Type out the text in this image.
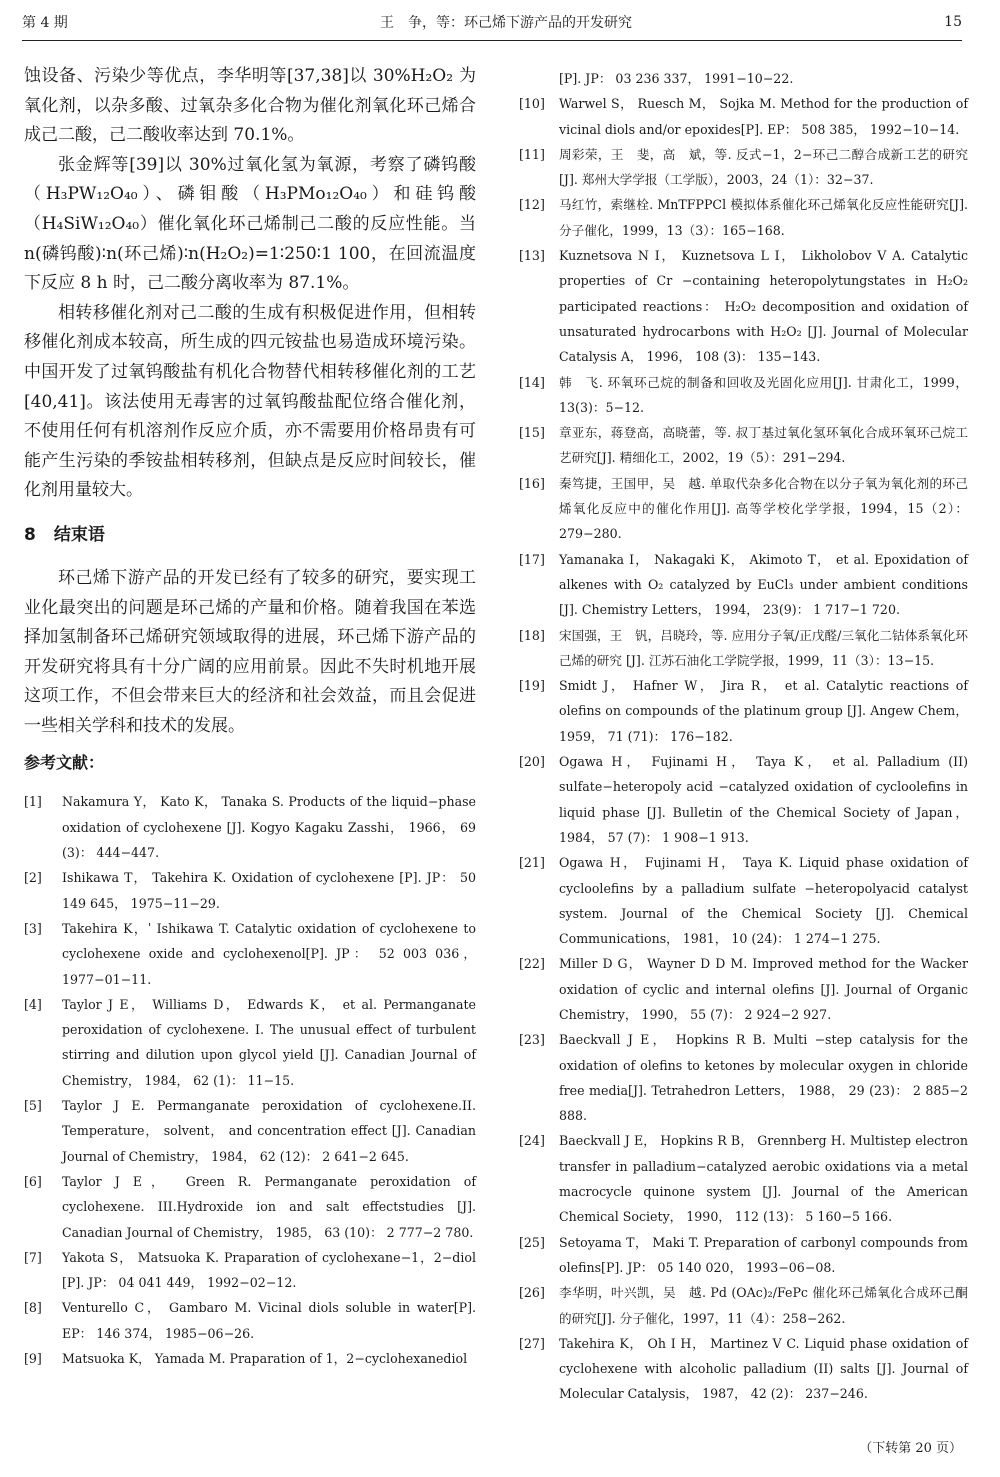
第 4 期	王　争，等：环己烯下游产品的开发研究	15

蚀设备、污染少等优点，李华明等[37,38]以 30%H₂O₂ 为氧化剂，以杂多酸、过氧杂多化合物为催化剂氧化环己烯合成己二酸，己二酸收率达到 70.1%。

张金辉等[39]以 30%过氧化氢为氧源，考察了磷钨酸（H₃PW₁₂O₄₀）、磷钼酸（H₃PMo₁₂O₄₀）和硅钨酸（H₄SiW₁₂O₄₀）催化氧化环己烯制己二酸的反应性能。当 n(磷钨酸)∶n(环己烯)∶n(H₂O₂)=1∶250∶1 100，在回流温度下反应 8 h 时，己二酸分离收率为 87.1%。

相转移催化剂对己二酸的生成有积极促进作用，但相转移催化剂成本较高，所生成的四元铵盐也易造成环境污染。中国开发了过氧钨酸盐有机化合物替代相转移催化剂的工艺[40,41]。该法使用无毒害的过氧钨酸盐配位络合催化剂，不使用任何有机溶剂作反应介质，亦不需要用价格昂贵有可能产生污染的季铵盐相转移剂，但缺点是反应时间较长，催化剂用量较大。

8 结束语

环己烯下游产品的开发已经有了较多的研究，要实现工业化最突出的问题是环己烯的产量和价格。随着我国在苯选择加氢制备环己烯研究领域取得的进展，环己烯下游产品的开发研究将具有十分广阔的应用前景。因此不失时机地开展这项工作，不但会带来巨大的经济和社会效益，而且会促进一些相关学科和技术的发展。

参考文献：
[1]	Nakamura Y， Kato K， Tanaka S. Products of the liquid−phase oxidation of cyclohexene [J]. Kogyo Kagaku Zasshi， 1966， 69 (3)： 444−447.
[2]	Ishikawa T， Takehira K. Oxidation of cyclohexene [P]. JP： 50 149 645， 1975−11−29.
[3]	Takehira K，ˈ Ishikawa T. Catalytic oxidation of cyclohexene to cyclohexene oxide and cyclohexenol[P]. JP： 52 003 036， 1977−01−11.
[4]	Taylor J E， Williams D， Edwards K， et al. Permanganate peroxidation of cyclohexene. I. The unusual effect of turbulent stirring and dilution upon glycol yield [J]. Canadian Journal of Chemistry， 1984， 62 (1)： 11−15.
[5]	Taylor J E. Permanganate peroxidation of cyclohexene.II. Temperature， solvent， and concentration effect [J]. Canadian Journal of Chemistry， 1984， 62 (12)： 2 641−2 645.
[6]	Taylor J E， Green R. Permanganate peroxidation of cyclohexene. III.Hydroxide ion and salt effectstudies [J]. Canadian Journal of Chemistry， 1985， 63 (10)： 2 777−2 780.
[7]	Yakota S， Matsuoka K. Praparation of cyclohexane−1，2−diol [P]. JP： 04 041 449， 1992−02−12.
[8]	Venturello C， Gambaro M. Vicinal diols soluble in water[P]. EP： 146 374， 1985−06−26.
[9]	Matsuoka K， Yamada M. Praparation of 1，2−cyclohexanediol
[P]. JP： 03 236 337， 1991−10−22.
[10]	Warwel S， Ruesch M， Sojka M. Method for the production of vicinal diols and/or epoxides[P]. EP： 508 385， 1992−10−14.
[11]	周彩荣，王　斐，高　斌，等. 反式−1，2−环己二醇合成新工艺的研究[J]. 郑州大学学报（工学版），2003，24（1）：32−37.
[12]	马红竹，索继栓. MnTFPPCl 模拟体系催化环己烯氧化反应性能研究[J]. 分子催化，1999，13（3）：165−168.
[13]	Kuznetsova N I， Kuznetsova L I， Likholobov V A. Catalytic properties of Cr −containing heteropolytungstates in H₂O₂ participated reactions： H₂O₂ decomposition and oxidation of unsaturated hydrocarbons with H₂O₂ [J]. Journal of Molecular Catalysis A， 1996， 108 (3)： 135−143.
[14]	韩　飞. 环氧环己烷的制备和回收及光固化应用[J]. 甘肃化工，1999，13(3)：5−12.
[15]	章亚东，蒋登高，高晓蕾，等. 叔丁基过氧化氢环氧化合成环氧环己烷工艺研究[J]. 精细化工，2002，19（5）：291−294.
[16]	秦笃捷，王国甲，吴　越. 单取代杂多化合物在以分子氧为氧化剂的环己烯氧化反应中的催化作用[J]. 高等学校化学学报，1994，15（2）：279−280.
[17]	Yamanaka I， Nakagaki K， Akimoto T， et al. Epoxidation of alkenes with O₂ catalyzed by EuCl₃ under ambient conditions [J]. Chemistry Letters， 1994， 23(9)： 1 717−1 720.
[18]	宋国强，王　钒，吕晓玲，等. 应用分子氧/正戊醛/三氧化二钴体系氧化环己烯的研究 [J]. 江苏石油化工学院学报，1999，11（3）：13−15.
[19]	Smidt J， Hafner W， Jira R， et al. Catalytic reactions of olefins on compounds of the platinum group [J]. Angew Chem， 1959， 71 (71)： 176−182.
[20]	Ogawa H， Fujinami H， Taya K， et al. Palladium (II) sulfate−heteropoly acid −catalyzed oxidation of cycloolefins in liquid phase [J]. Bulletin of the Chemical Society of Japan， 1984， 57 (7)： 1 908−1 913.
[21]	Ogawa H， Fujinami H， Taya K. Liquid phase oxidation of cycloolefins by a palladium sulfate −heteropolyacid catalyst system. Journal of the Chemical Society [J]. Chemical Communications， 1981， 10 (24)： 1 274−1 275.
[22]	Miller D G， Wayner D D M. Improved method for the Wacker oxidation of cyclic and internal olefins [J]. Journal of Organic Chemistry， 1990， 55 (7)： 2 924−2 927.
[23]	Baeckvall J E， Hopkins R B. Multi −step catalysis for the oxidation of olefins to ketones by molecular oxygen in chloride free media[J]. Tetrahedron Letters， 1988， 29 (23)： 2 885−2 888.
[24]	Baeckvall J E， Hopkins R B， Grennberg H. Multistep electron transfer in palladium−catalyzed aerobic oxidations via a metal macrocycle quinone system [J]. Journal of the American Chemical Society， 1990， 112 (13)： 5 160−5 166.
[25]	Setoyama T， Maki T. Preparation of carbonyl compounds from olefins[P]. JP： 05 140 020， 1993−06−08.
[26]	李华明，叶兴凯，吴　越. Pd (OAc)₂/FePc 催化环己烯氧化合成环己酮的研究[J]. 分子催化，1997，11（4）：258−262.
[27]	Takehira K， Oh I H， Martinez V C. Liquid phase oxidation of cyclohexene with alcoholic palladium (II) salts [J]. Journal of Molecular Catalysis， 1987， 42 (2)： 237−246.
（下转第 20 页）
